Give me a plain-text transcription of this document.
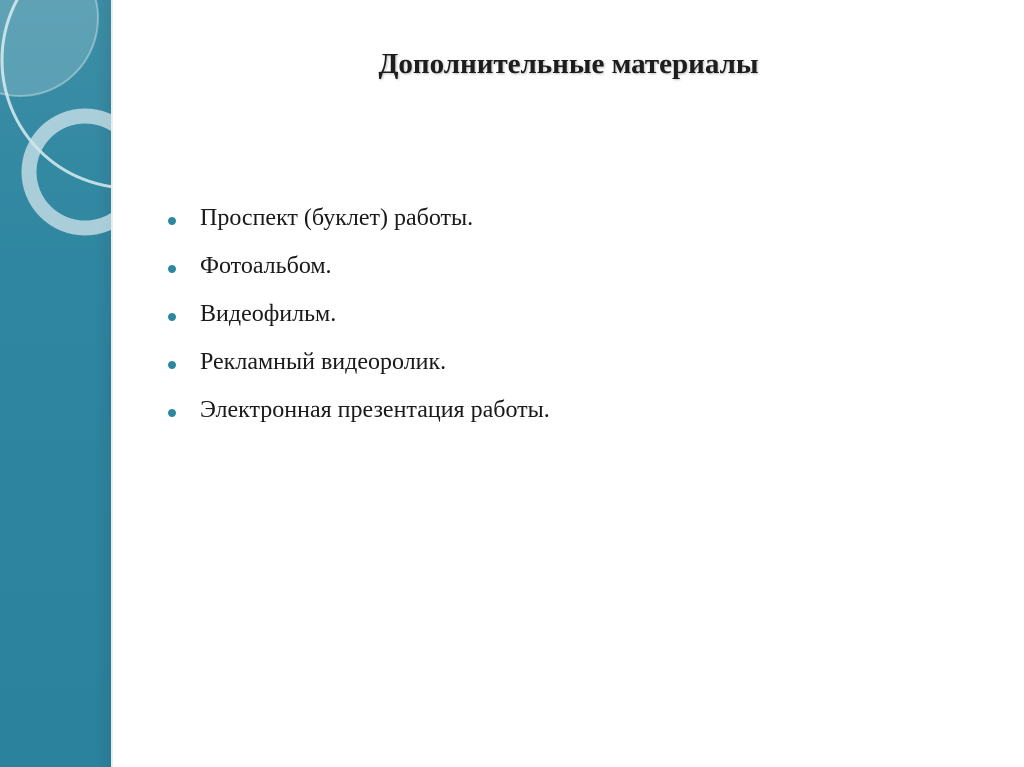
Дополнительные материалы
Проспект (буклет) работы.
Фотоальбом.
Видеофильм.
Рекламный видеоролик.
Электронная презентация работы.
